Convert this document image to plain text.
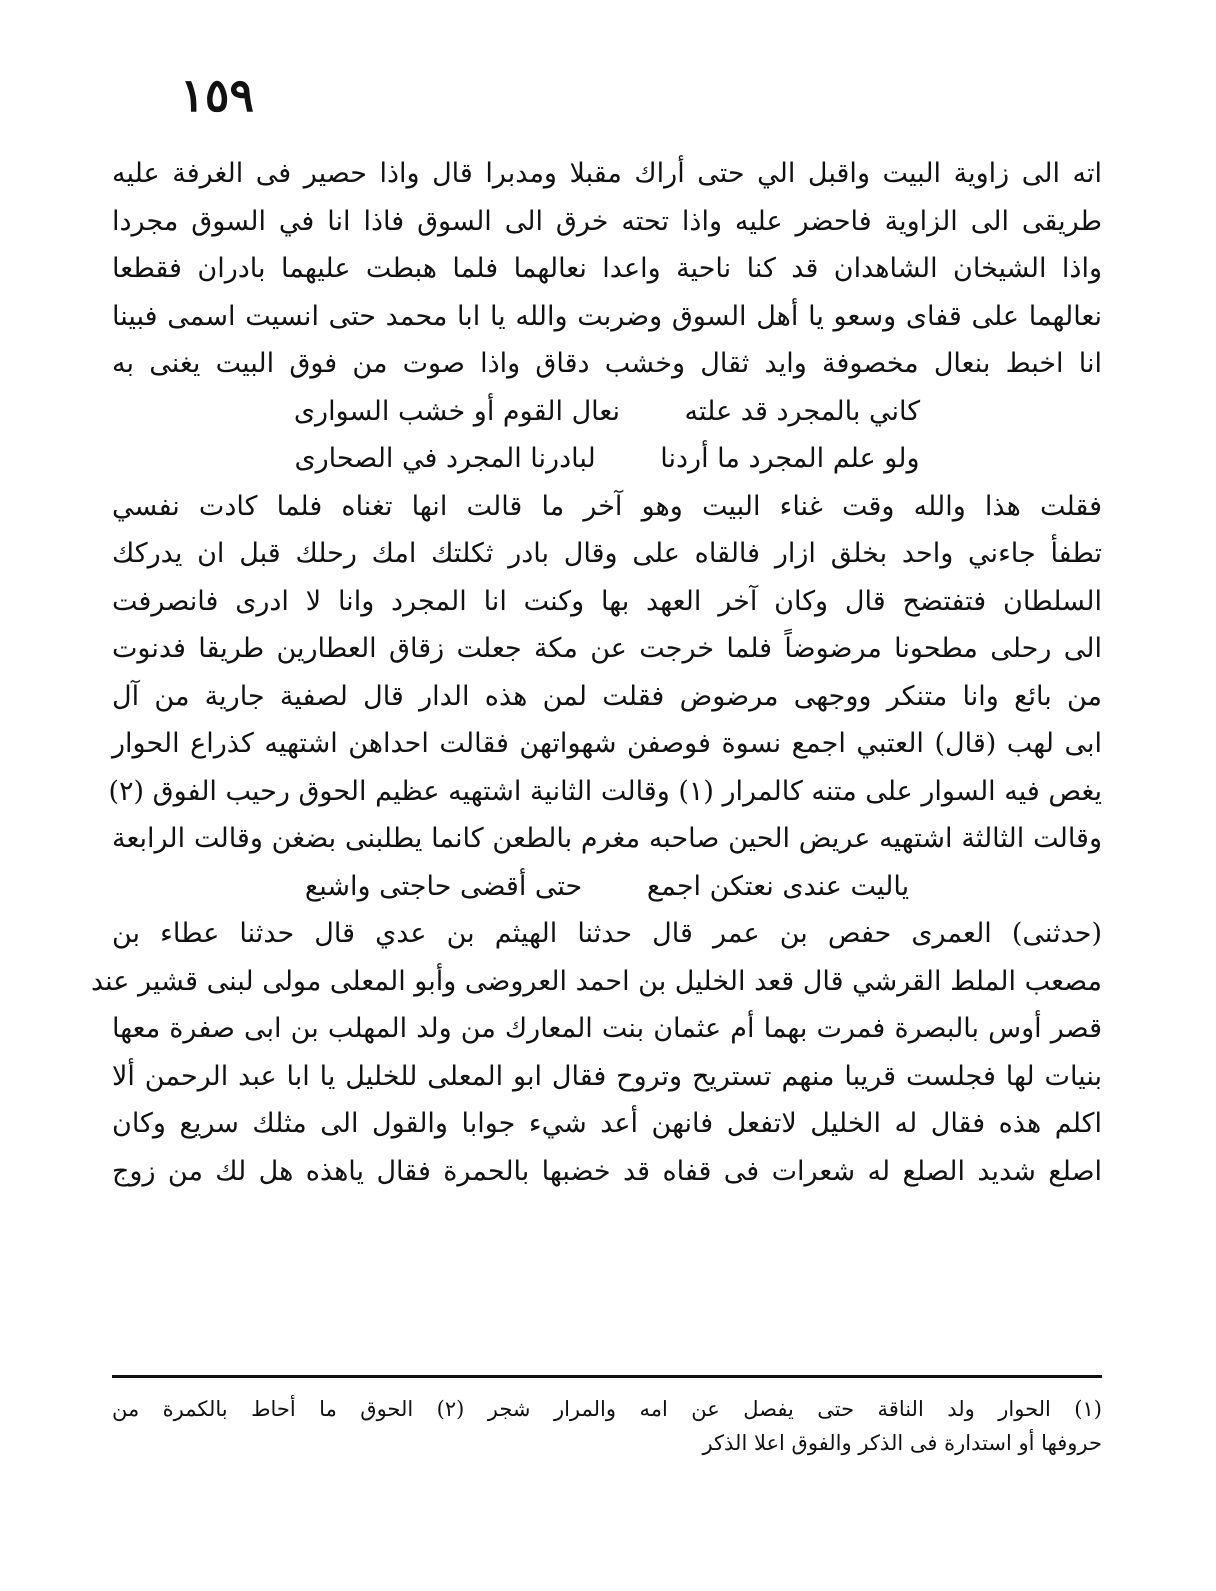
١٥٩
اته الى زاوية البيت واقبل الي حتى أراك مقبلا ومدبرا قال واذا حصير فى الغرفة عليه
طريقى الى الزاوية فاحضر عليه واذا تحته خرق الى السوق فاذا انا في السوق مجردا
واذا الشيخان الشاهدان قد كنا ناحية واعدا نعالهما فلما هبطت عليهما بادران فقطعا
نعالهما على قفاى وسعو يا أهل السوق وضربت والله يا ابا محمد حتى انسيت اسمى فبينا
انا اخبط بنعال مخصوفة وايد ثقال وخشب دقاق واذا صوت من فوق البيت يغنى به
كاني بالمجرد قد علته نعال القوم أو خشب السوارى
ولو علم المجرد ما أردنا لبادرنا المجرد في الصحارى
فقلت هذا والله وقت غناء البيت وهو آخر ما قالت انها تغناه فلما كادت نفسي
تطفأ جاءني واحد بخلق ازار فالقاه على وقال بادر ثكلتك امك رحلك قبل ان يدركك
السلطان فتفتضح قال وكان آخر العهد بها وكنت انا المجرد وانا لا ادرى فانصرفت
الى رحلى مطحونا مرضوضاً فلما خرجت عن مكة جعلت زقاق العطارين طريقا فدنوت
من بائع وانا متنكر ووجهى مرضوض فقلت لمن هذه الدار قال لصفية جارية من آل
ابى لهب (قال) العتبي اجمع نسوة فوصفن شهواتهن فقالت احداهن اشتهيه كذراع الحوار
يغص فيه السوار على متنه كالمرار (١) وقالت الثانية اشتهيه عظيم الحوق رحيب الفوق (٢)
وقالت الثالثة اشتهيه عريض الحين صاحبه مغرم بالطعن كانما يطلبنى بضغن وقالت الرابعة
ياليت عندى نعتكن اجمع حتى أقضى حاجتى واشبع
(حدثنى) العمرى حفص بن عمر قال حدثنا الهيثم بن عدي قال حدثنا عطاء بن
مصعب الملط القرشي قال قعد الخليل بن احمد العروضى وأبو المعلى مولى لبنى قشير عند
قصر أوس بالبصرة فمرت بهما أم عثمان بنت المعارك من ولد المهلب بن ابى صفرة معها
بنيات لها فجلست قريبا منهم تستريح وتروح فقال ابو المعلى للخليل يا ابا عبد الرحمن ألا
اكلم هذه فقال له الخليل لاتفعل فانهن أعد شيء جوابا والقول الى مثلك سريع وكان
اصلع شديد الصلع له شعرات فى قفاه قد خضبها بالحمرة فقال ياهذه هل لك من زوج
(١) الحوار ولد الناقة حتى يفصل عن امه والمرار شجر (٢) الحوق ما أحاط بالكمرة من
حروفها أو استدارة فى الذكر والفوق اعلا الذكر
